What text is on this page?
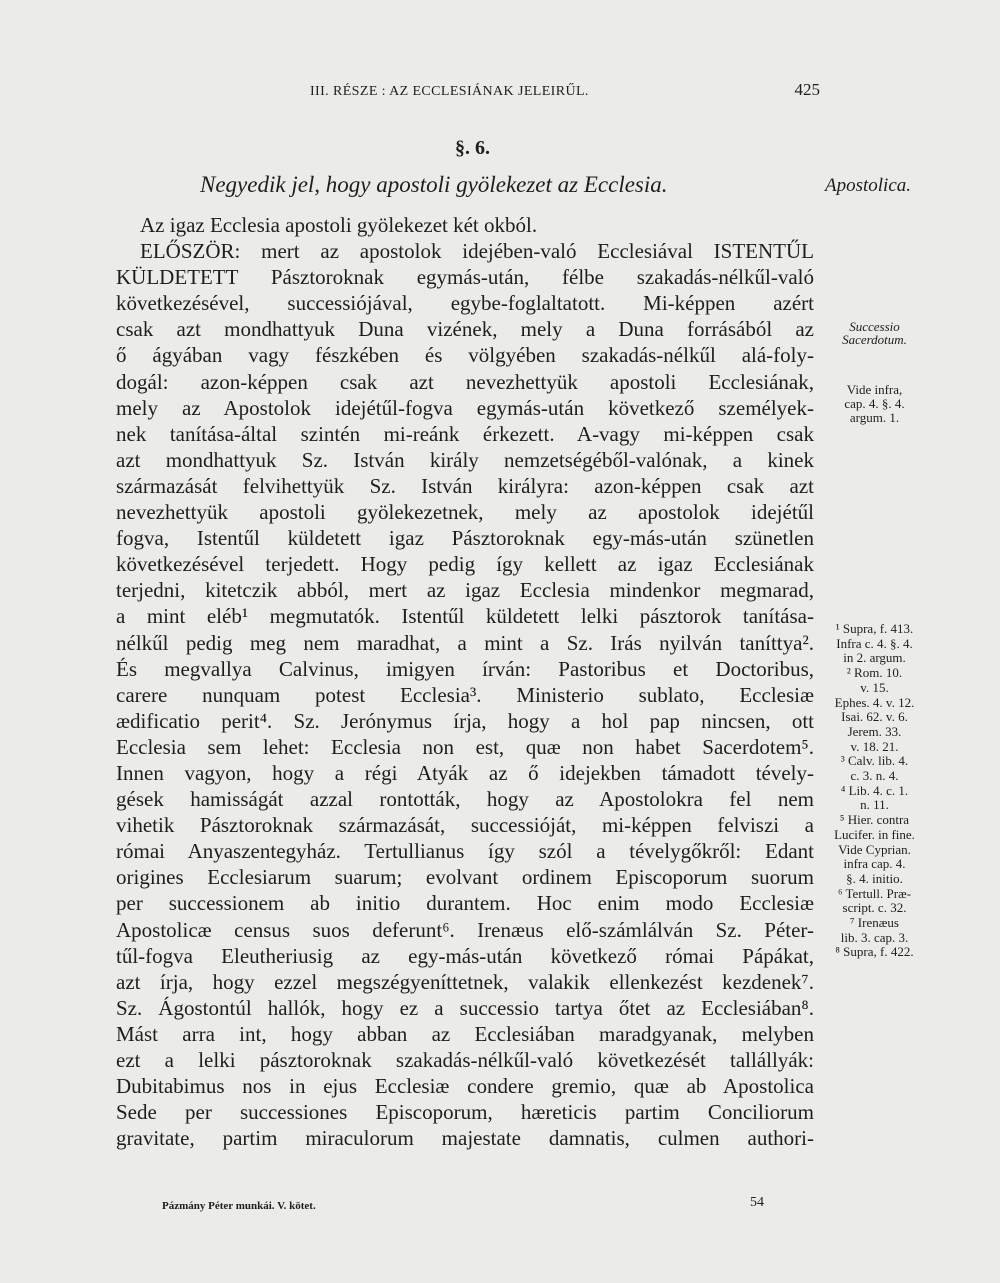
III. RÉSZE : AZ ECCLESIÁNAK JELEIRŰL.	425
§. 6.
Negyedik jel, hogy apostoli gyölekezet az Ecclesia.	Apostolica.
Az igaz Ecclesia apostoli gyölekezet két okból.
ELŐSZÖR: mert az apostolok idejében-való Ecclesiával ISTENTŰL
KÜLDETETT Pásztoroknak egymás-után, félbe szakadás-nélkűl-való
következésével, successiójával, egybe-foglaltatott. Mi-képpen azért
csak azt mondhattyuk Duna vizének, mely a Duna forrásából az
ő ágyában vagy fészkében és völgyében szakadás-nélkűl alá-foly-
dogál: azon-képpen csak azt nevezhettyük apostoli Ecclesiának,
mely az Apostolok idejétűl-fogva egymás-után következő személyek-
nek tanítása-által szintén mi-reánk érkezett. A-vagy mi-képpen csak
azt mondhattyuk Sz. István király nemzetségéből-valónak, a kinek
származását felvihettyük Sz. István királyra: azon-képpen csak azt
nevezhettyük apostoli gyölekezetnek, mely az apostolok idejétűl
fogva, Istentűl küldetett igaz Pásztoroknak egy-más-után szünetlen
következésével terjedett. Hogy pedig így kellett az igaz Ecclesiának
terjedni, kitetczik abból, mert az igaz Ecclesia mindenkor megmarad,
a mint eléb¹ megmutatók. Istentűl küldetett lelki pásztorok tanítása-
nélkűl pedig meg nem maradhat, a mint a Sz. Irás nyilván taníttya².
És megvallya Calvinus, imigyen írván: Pastoribus et Doctoribus,
carere nunquam potest Ecclesia³. Ministerio sublato, Ecclesiæ
ædificatio perit⁴. Sz. Jerónymus írja, hogy a hol pap nincsen, ott
Ecclesia sem lehet: Ecclesia non est, quæ non habet Sacerdotem⁵.
Innen vagyon, hogy a régi Atyák az ő idejekben támadott tévely-
gések hamisságát azzal rontották, hogy az Apostolokra fel nem
vihetik Pásztoroknak származását, successióját, mi-képpen felviszi a
római Anyaszentegyház. Tertullianus így szól a tévelygőkről: Edant
origines Ecclesiarum suarum; evolvant ordinem Episcoporum suorum
per successionem ab initio durantem. Hoc enim modo Ecclesiæ
Apostolicæ census suos deferunt⁶. Irenæus elő-számlálván Sz. Péter-
tűl-fogva Eleutheriusig az egy-más-után következő római Pápákat,
azt írja, hogy ezzel megszégyeníttetnek, valakik ellenkezést kezdenek⁷.
Sz. Ágostontúl hallók, hogy ez a successio tartya őtet az Ecclesiában⁸.
Mást arra int, hogy abban az Ecclesiában maradgyanak, melyben
ezt a lelki pásztoroknak szakadás-nélkűl-való következését tallállyák:
Dubitabimus nos in ejus Ecclesiæ condere gremio, quæ ab Apostolica
Sede per successiones Episcoporum, hæreticis partim Conciliorum
gravitate, partim miraculorum majestate damnatis, culmen authori-
Successio
Sacerdotum.
Vide infra,
cap. 4. §. 4.
argum. 1.
¹ Supra, f. 413.
Infra c. 4. §. 4.
in 2. argum.
² Rom. 10.
v. 15.
Ephes. 4. v. 12.
Isai. 62. v. 6.
Jerem. 33.
v. 18. 21.
³ Calv. lib. 4.
c. 3. n. 4.
⁴ Lib. 4. c. 1.
n. 11.
⁵ Hier. contra
Lucifer. in fine.
Vide Cyprian.
infra cap. 4.
§. 4. initio.
⁶ Tertull. Præ-
script. c. 32.
⁷ Irenæus
lib. 3. cap. 3.
⁸ Supra, f. 422.
Pázmány Péter munkái. V. kötet.	54
